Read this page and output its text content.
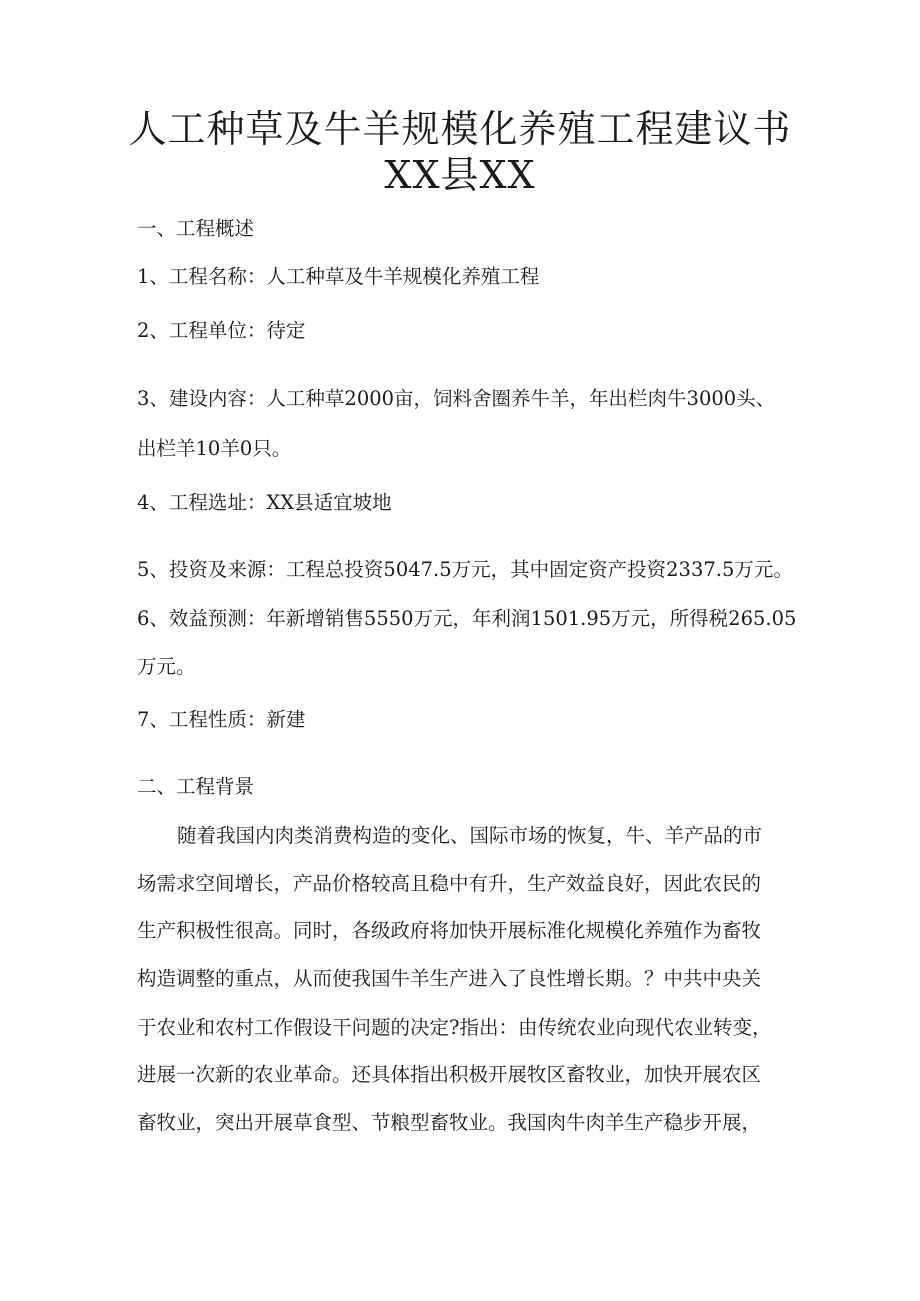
人工种草及牛羊规模化养殖工程建议书
XX县XX
一、工程概述
1、工程名称：人工种草及牛羊规模化养殖工程
2、工程单位：待定
3、建设内容：人工种草2000亩，饲料舍圈养牛羊，年出栏肉牛3000头、
出栏羊10羊0只。
4、工程选址：XX县适宜坡地
5、投资及来源：工程总投资5047.5万元，其中固定资产投资2337.5万元。
6、效益预测：年新增销售5550万元，年利润1501.95万元，所得税265.05
万元。
7、工程性质：新建
二、工程背景
随着我国内肉类消费构造的变化、国际市场的恢复，牛、羊产品的市
场需求空间增长，产品价格较高且稳中有升，生产效益良好，因此农民的
生产积极性很高。同时，各级政府将加快开展标准化规模化养殖作为畜牧
构造调整的重点，从而使我国牛羊生产进入了良性增长期。？中共中央关
于农业和农村工作假设干问题的决定?指出：由传统农业向现代农业转变，
进展一次新的农业革命。还具体指出积极开展牧区畜牧业，加快开展农区
畜牧业，突出开展草食型、节粮型畜牧业。我国肉牛肉羊生产稳步开展，
